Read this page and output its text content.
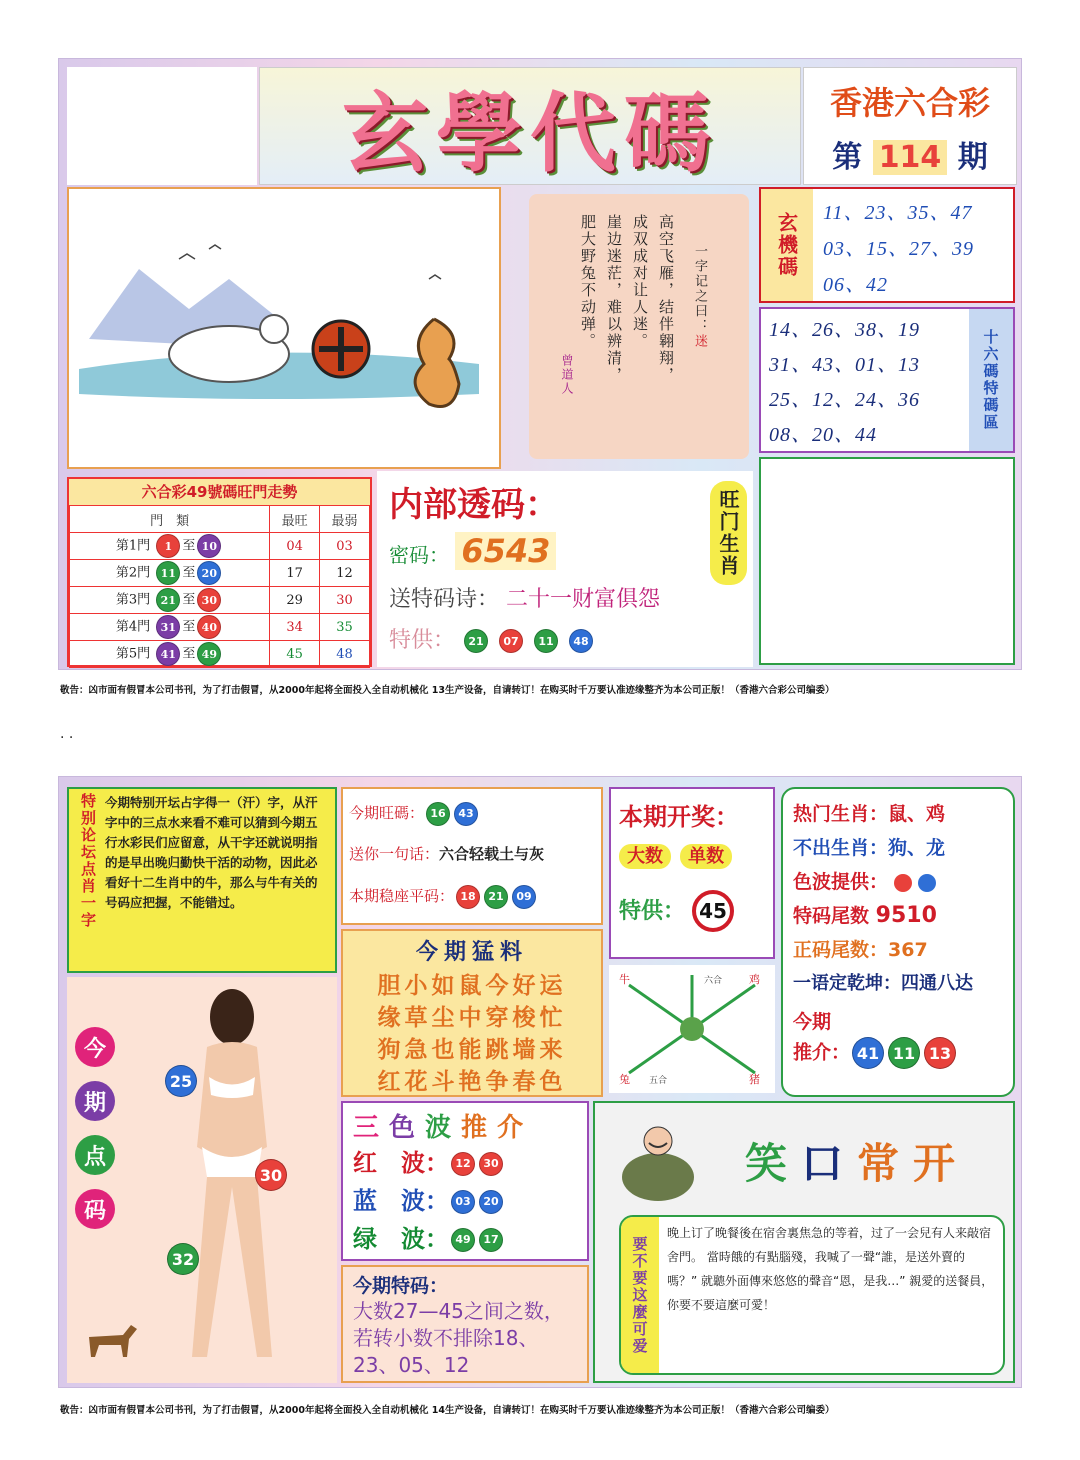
玄學代碼	香港六合彩
第 114 期
一字记之曰：迷
高空飞雁，结伴翱翔，
成双成对让人迷。
崖边迷茫，难以辨清，
肥大野兔不动弹。
曾道人
玄機碼	11、23、35、47
03、15、27、39
06、42
14、26、38、19
31、43、01、13
25、12、24、36
08、20、44
十六碼特碼區
六合彩49號碼旺門走勢
門　類	最旺	最弱
第1門 1 至 10	04	03
第2門 11 至 20	17	12
第3門 21 至 30	29	30
第4門 31 至 40	34	35
第5門 41 至 49	45	48
内部透码：
密码： 6543
送特码诗： 二十一财富俱怨
特供： 21 07 11 48
旺门生肖
敬告：凶市面有假冒本公司书刊，为了打击假冒，从2000年起将全面投入全自动机械化 13生产设备，自请转订！在购买时千万要认准迹缘整齐为本公司正版！（香港六合彩公司编委）
. .
特别论坛点肖一字 今期特别开坛占字得一（汗）字，从汗字中的三点水来看不难可以猜到今期五行水彩民们应留意，从干字还就说明指的是早出晚归勤快干活的动物，因此必看好十二生肖中的牛，那么与牛有关的号码应把握，不能错过。
今期旺碼： 16 43
送你一句话：六合轻载土与灰
本期稳座平码： 18 21 09
今期猛料
胆小如鼠今好运
缘草尘中穿梭忙
狗急也能跳墙来
红花斗艳争春色
本期开奖：
大数 单数
特供： 45
牛
猪
兔
鸡
五合
六合
热门生肖：鼠、鸡
不出生肖：狗、龙
色波提供：
特码尾数 9510
正码尾数：367
一语定乾坤：四通八达
今期
推介： 41 11 13
今
期
点
码
25
30
32
三色波推介
红　波： 12 30
蓝　波： 03 20
绿　波： 49 17
今期特码：
大数27—45之间之数，若转小数不排除18、23、05、12
笑口常开
要不要这麼可爱
晚上订了晚餐後在宿舍裏焦急的等着，过了一会兒有人来敲宿舍門。 當時餓的有點腦殘，我喊了一聲“誰，是送外賣的嗎？” 就聽外面傳來悠悠的聲音“恩，是我…” 親愛的送餐員，你要不要這麼可愛！
敬告：凶市面有假冒本公司书刊，为了打击假冒，从2000年起将全面投入全自动机械化 14生产设备，自请转订！在购买时千万要认准迹缘整齐为本公司正版！（香港六合彩公司编委）
